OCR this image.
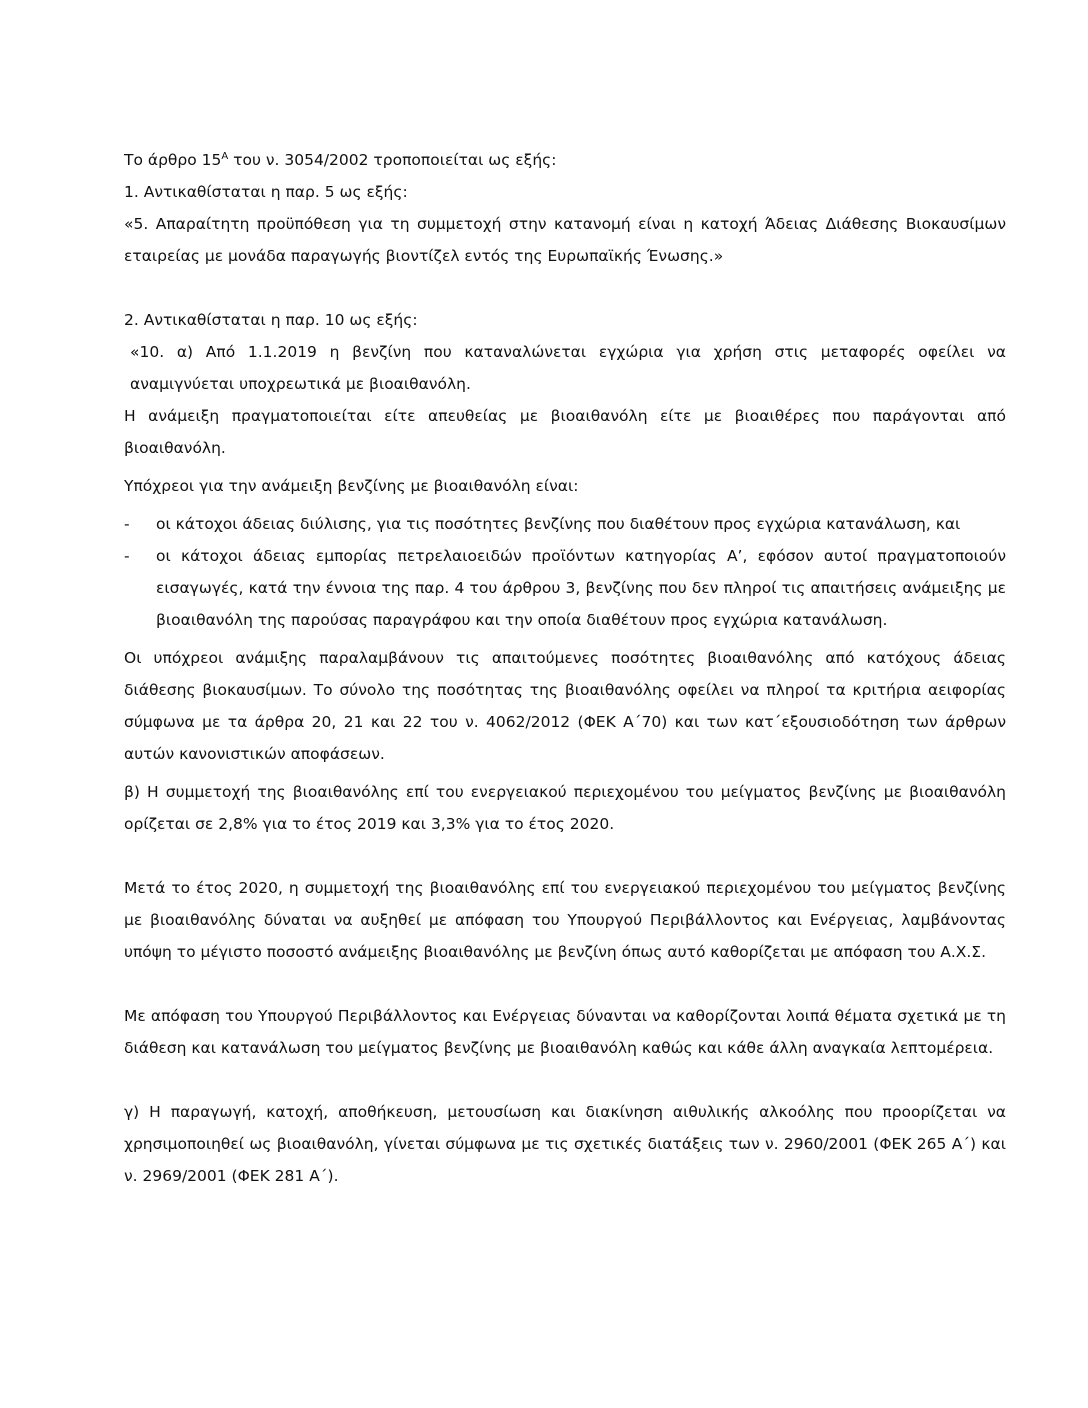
Το άρθρο $15^A$ του ν. 3054/2002 τροποποιείται ως εξής:

1. Αντικαθίσταται η παρ. 5 ως εξής:

«5. Απαραίτητη προϋπόθεση για τη συμμετοχή στην κατανομή είναι η κατοχή Άδειας Διάθεσης Βιοκαυσίμων εταιρείας με μονάδα παραγωγής βιοντίζελ εντός της Ευρωπαϊκής Ένωσης.»

2. Αντικαθίσταται η παρ. 10 ως εξής:

«10. α) Από 1.1.2019 η βενζίνη που καταναλώνεται εγχώρια για χρήση στις μεταφορές οφείλει να αναμιγνύεται υποχρεωτικά με βιοαιθανόλη.

Η ανάμειξη πραγματοποιείται είτε απευθείας με βιοαιθανόλη είτε με βιοαιθέρες που παράγονται από βιοαιθανόλη.

Υπόχρεοι για την ανάμειξη βενζίνης με βιοαιθανόλη είναι:

-	οι κάτοχοι άδειας διύλισης, για τις ποσότητες βενζίνης που διαθέτουν προς εγχώρια κατανάλωση, και
-	οι κάτοχοι άδειας εμπορίας πετρελαιοειδών προϊόντων κατηγορίας Α’, εφόσον αυτοί πραγματοποιούν εισαγωγές, κατά την έννοια της παρ. 4 του άρθρου 3, βενζίνης που δεν πληροί τις απαιτήσεις ανάμειξης με βιοαιθανόλη της παρούσας παραγράφου και την οποία διαθέτουν προς εγχώρια κατανάλωση.

Οι υπόχρεοι ανάμιξης παραλαμβάνουν τις απαιτούμενες ποσότητες βιοαιθανόλης από κατόχους άδειας διάθεσης βιοκαυσίμων. Το σύνολο της ποσότητας της βιοαιθανόλης οφείλει να πληροί τα κριτήρια αειφορίας σύμφωνα με τα άρθρα 20, 21 και 22 του ν. 4062/2012 (ΦΕΚ Α΄70) και των κατ΄εξουσιοδότηση των άρθρων αυτών κανονιστικών αποφάσεων.

β) Η συμμετοχή της βιοαιθανόλης επί του ενεργειακού περιεχομένου του μείγματος βενζίνης με βιοαιθανόλη ορίζεται σε 2,8% για το έτος 2019 και 3,3% για το έτος 2020.

Μετά το έτος 2020, η συμμετοχή της βιοαιθανόλης επί του ενεργειακού περιεχομένου του μείγματος βενζίνης με βιοαιθανόλης δύναται να αυξηθεί με απόφαση του Υπουργού Περιβάλλοντος και Ενέργειας, λαμβάνοντας υπόψη το μέγιστο ποσοστό ανάμειξης βιοαιθανόλης με βενζίνη όπως αυτό καθορίζεται με απόφαση του Α.Χ.Σ.

Με απόφαση του Υπουργού Περιβάλλοντος και Ενέργειας δύνανται να καθορίζονται λοιπά θέματα σχετικά με τη διάθεση και κατανάλωση του μείγματος βενζίνης με βιοαιθανόλη καθώς και κάθε άλλη αναγκαία λεπτομέρεια.

γ) Η παραγωγή, κατοχή, αποθήκευση, μετουσίωση και διακίνηση αιθυλικής αλκοόλης που προορίζεται να χρησιμοποιηθεί ως βιοαιθανόλη, γίνεται σύμφωνα με τις σχετικές διατάξεις των ν. 2960/2001 (ΦΕΚ 265 Α΄) και ν. 2969/2001 (ΦΕΚ 281 Α΄).
